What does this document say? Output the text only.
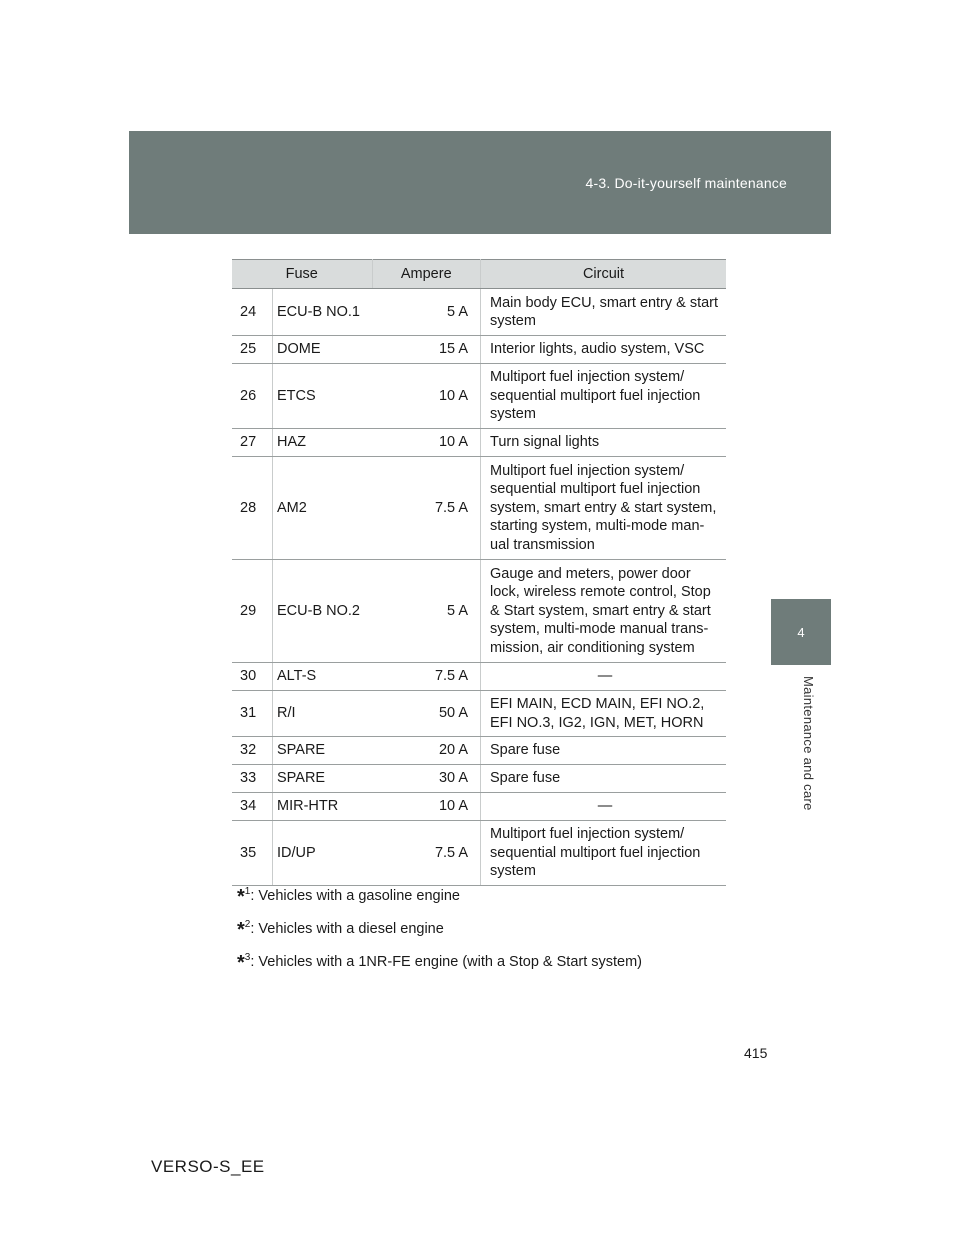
4-3. Do-it-yourself maintenance
4
Maintenance and care
Fuse		Ampere	Circuit
24	ECU-B NO.1	5 A	Main body ECU, smart entry & start system
25	DOME	15 A	Interior lights, audio system, VSC
26	ETCS	10 A	Multiport fuel injection system/ sequential multiport fuel injection system
27	HAZ	10 A	Turn signal lights
28	AM2	7.5 A	Multiport fuel injection system/ sequential multiport fuel injection system, smart entry & start system, starting system, multi-mode man- ual transmission
29	ECU-B NO.2	5 A	Gauge and meters, power door lock, wireless remote control, Stop & Start system, smart entry & start system, multi-mode manual trans- mission, air conditioning system
30	ALT-S	7.5 A	—
31	R/I	50 A	EFI MAIN, ECD MAIN, EFI NO.2, EFI NO.3, IG2, IGN, MET, HORN
32	SPARE	20 A	Spare fuse
33	SPARE	30 A	Spare fuse
34	MIR-HTR	10 A	—
35	ID/UP	7.5 A	Multiport fuel injection system/ sequential multiport fuel injection system

*$^1$: Vehicles with a gasoline engine

*$^2$: Vehicles with a diesel engine

*$^3$: Vehicles with a 1NR-FE engine (with a Stop & Start system)

415
VERSO-S_EE
